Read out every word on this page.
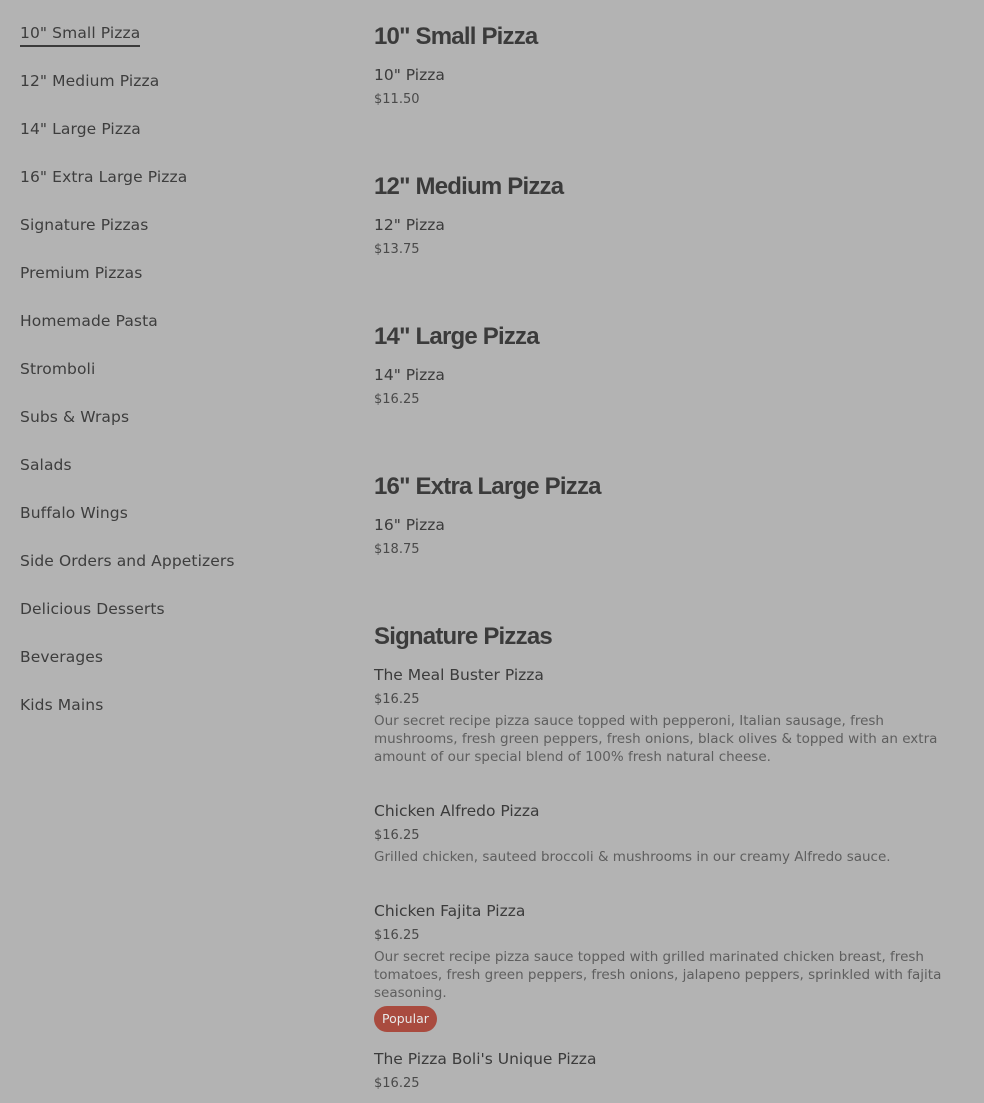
10" Small Pizza
12" Medium Pizza
14" Large Pizza
16" Extra Large Pizza
Signature Pizzas
Premium Pizzas
Homemade Pasta
Stromboli
Subs & Wraps
Salads
Buffalo Wings
Side Orders and Appetizers
Delicious Desserts
Beverages
Kids Mains
10" Small Pizza
10" Pizza
$11.50
12" Medium Pizza
12" Pizza
$13.75
14" Large Pizza
14" Pizza
$16.25
16" Extra Large Pizza
16" Pizza
$18.75
Signature Pizzas
The Meal Buster Pizza
$16.25
Our secret recipe pizza sauce topped with pepperoni, Italian sausage, fresh mushrooms, fresh green peppers, fresh onions, black olives & topped with an extra amount of our special blend of 100% fresh natural cheese.
Chicken Alfredo Pizza
$16.25
Grilled chicken, sauteed broccoli & mushrooms in our creamy Alfredo sauce.
Chicken Fajita Pizza
$16.25
Our secret recipe pizza sauce topped with grilled marinated chicken breast, fresh tomatoes, fresh green peppers, fresh onions, jalapeno peppers, sprinkled with fajita seasoning.
Popular
The Pizza Boli's Unique Pizza
$16.25
